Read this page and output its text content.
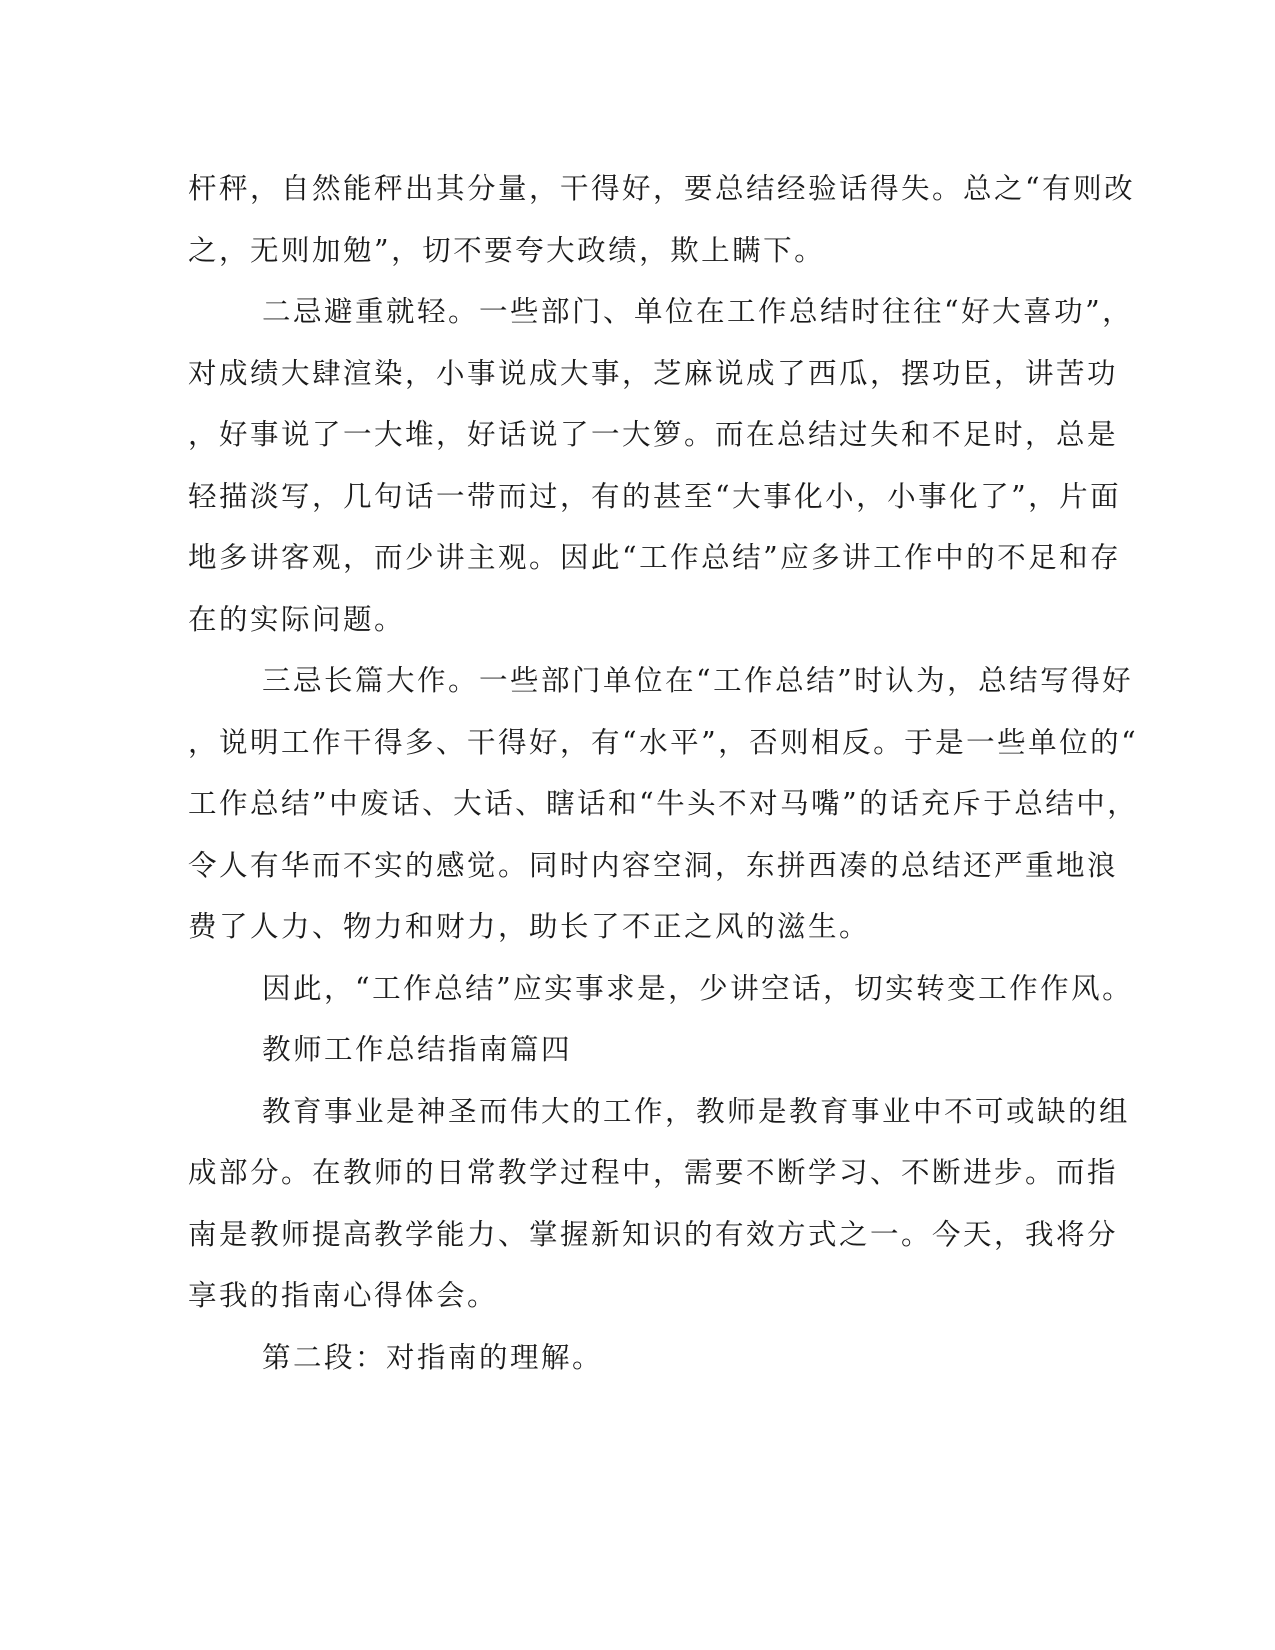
杆秤，自然能秤出其分量，干得好，要总结经验话得失。总之“有则改
之，无则加勉”，切不要夸大政绩，欺上瞒下。

二忌避重就轻。一些部门、单位在工作总结时往往“好大喜功”，
对成绩大肆渲染，小事说成大事，芝麻说成了西瓜，摆功臣，讲苦功
，好事说了一大堆，好话说了一大箩。而在总结过失和不足时，总是
轻描淡写，几句话一带而过，有的甚至“大事化小，小事化了”，片面
地多讲客观，而少讲主观。因此“工作总结”应多讲工作中的不足和存
在的实际问题。

三忌长篇大作。一些部门单位在“工作总结”时认为，总结写得好
，说明工作干得多、干得好，有“水平”，否则相反。于是一些单位的“
工作总结”中废话、大话、瞎话和“牛头不对马嘴”的话充斥于总结中，
令人有华而不实的感觉。同时内容空洞，东拼西凑的总结还严重地浪
费了人力、物力和财力，助长了不正之风的滋生。

因此，“工作总结”应实事求是，少讲空话，切实转变工作作风。

教师工作总结指南篇四

教育事业是神圣而伟大的工作，教师是教育事业中不可或缺的组
成部分。在教师的日常教学过程中，需要不断学习、不断进步。而指
南是教师提高教学能力、掌握新知识的有效方式之一。今天，我将分
享我的指南心得体会。

第二段：对指南的理解。
